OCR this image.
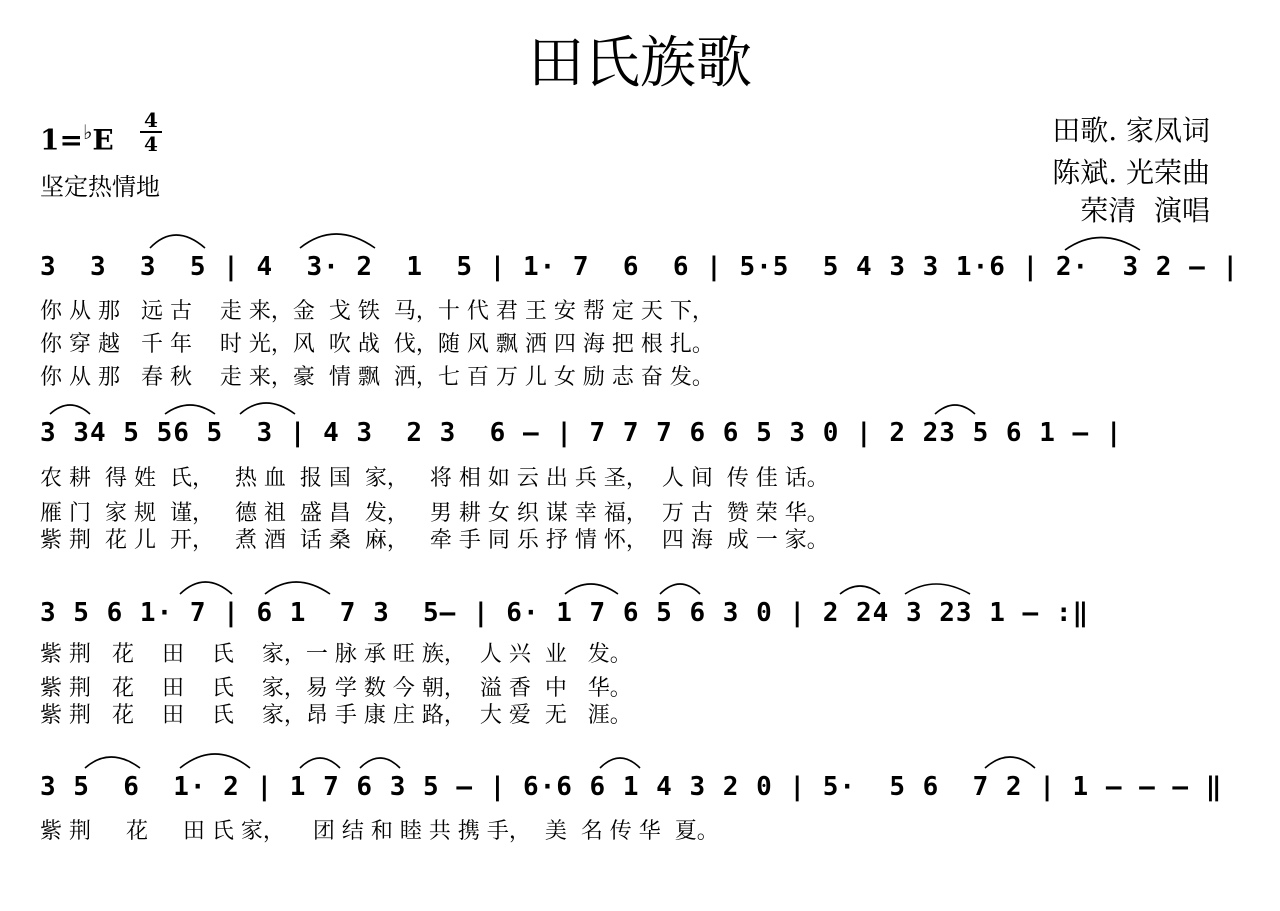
田氏族歌
1=♭E
4
4
坚定热情地
田歌. 家凤词
陈斌. 光荣曲
荣清  演唱
3  3  3  5 | 4  3· 2  1  5 | 1· 7  6  6 | 5·5  5 4 3 3 1·6 | 2·  3 2 – |
你 从 那   远 古    走 来，金  戈 铁  马，十 代 君 王 安 帮 定 天 下，
你 穿 越   千 年    时 光，风  吹 战  伐，随 风 飘 洒 四 海 把 根 扎。
你 从 那   春 秋    走 来，豪  情 飘  洒，七 百 万 儿 女 励 志 奋 发。
3 34 5 56 5  3 | 4 3  2 3  6 – | 7 7 7 6 6 5 3 0 | 2 23 5 6 1 – |
农 耕  得 姓  氏，   热 血  报 国  家，   将 相 如 云 出 兵 圣，  人 间  传 佳 话。
雁 门  家 规  谨，   德 祖  盛 昌  发，   男 耕 女 织 谋 幸 福，  万 古  赞 荣 华。
紫 荆  花 儿  开，   煮 酒  话 桑  麻，   牵 手 同 乐 抒 情 怀，  四 海  成 一 家。
3 5 6 1· 7 | 6 1  7 3  5– | 6· 1 7 6 5 6 3 0 | 2 24 3 23 1 – :‖
紫 荆   花    田    氏    家，一 脉 承 旺 族，  人 兴  业   发。
紫 荆   花    田    氏    家，易 学 数 今 朝，  溢 香  中   华。
紫 荆   花    田    氏    家，昂 手 康 庄 路，  大 爱  无   涯。
3 5  6  1· 2 | 1 7 6 3 5 – | 6·6 6 1 4 3 2 0 | 5·  5 6  7 2 | 1 — – – ‖
紫 荆     花     田 氏 家，    团 结 和 睦 共 携 手，  美  名 传 华  夏。
